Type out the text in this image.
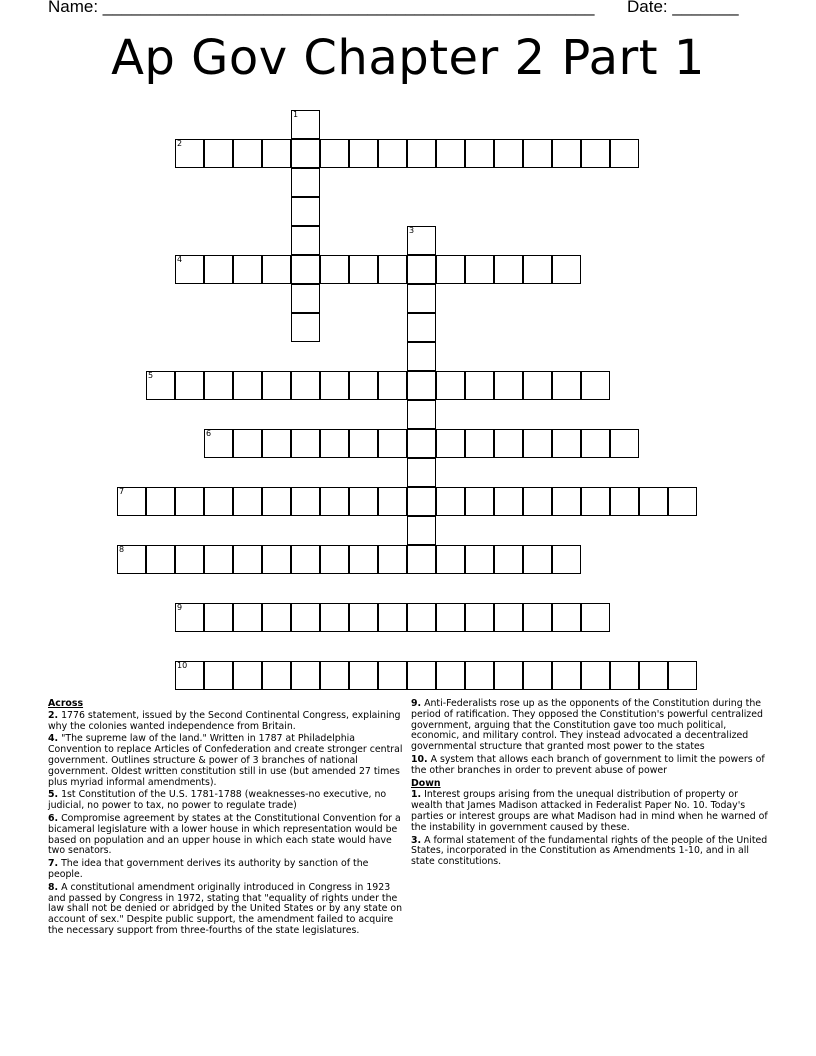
Name: ____________________________________________________ Date: _______
Ap Gov Chapter 2 Part 1
2
4
5
6
7
8
9
10
1
3
Across
2. 1776 statement, issued by the Second Continental Congress, explaining why the colonies wanted independence from Britain.
4. "The supreme law of the land." Written in 1787 at Philadelphia Convention to replace Articles of Confederation and create stronger central government. Outlines structure & power of 3 branches of national government. Oldest written constitution still in use (but amended 27 times plus myriad informal amendments).
5. 1st Constitution of the U.S. 1781-1788 (weaknesses-no executive, no judicial, no power to tax, no power to regulate trade)
6. Compromise agreement by states at the Constitutional Convention for a bicameral legislature with a lower house in which representation would be based on population and an upper house in which each state would have two senators.
7. The idea that government derives its authority by sanction of the people.
8. A constitutional amendment originally introduced in Congress in 1923 and passed by Congress in 1972, stating that "equality of rights under the law shall not be denied or abridged by the United States or by any state on account of sex." Despite public support, the amendment failed to acquire the necessary support from three-fourths of the state legislatures.
9. Anti-Federalists rose up as the opponents of the Constitution during the period of ratification. They opposed the Constitution's powerful centralized government, arguing that the Constitution gave too much political, economic, and military control. They instead advocated a decentralized governmental structure that granted most power to the states
10. A system that allows each branch of government to limit the powers of the other branches in order to prevent abuse of power
Down
1. Interest groups arising from the unequal distribution of property or wealth that James Madison attacked in Federalist Paper No. 10. Today's parties or interest groups are what Madison had in mind when he warned of the instability in government caused by these.
3. A formal statement of the fundamental rights of the people of the United States, incorporated in the Constitution as Amendments 1-10, and in all state constitutions.
